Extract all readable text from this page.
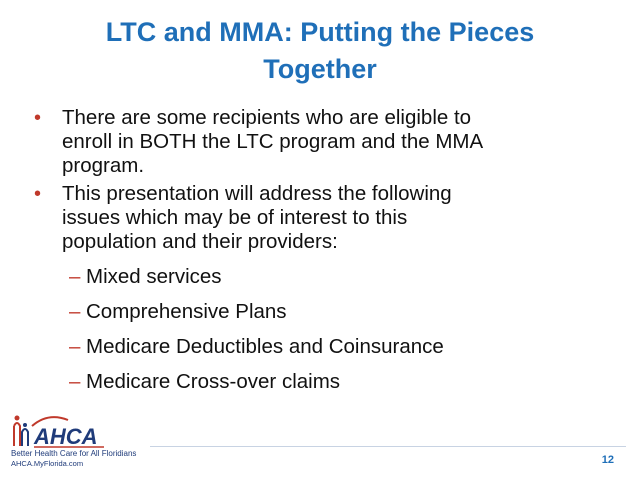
LTC and MMA: Putting the Pieces
Together
• There are some recipients who are eligible to
enroll in BOTH the LTC program and the MMA
program.
• This presentation will address the following
issues which may be of interest to this
population and their providers:
– Mixed services
– Comprehensive Plans
– Medicare Deductibles and Coinsurance
– Medicare Cross-over claims
AHCA
Better Health Care for All Floridians
AHCA.MyFlorida.com	12
